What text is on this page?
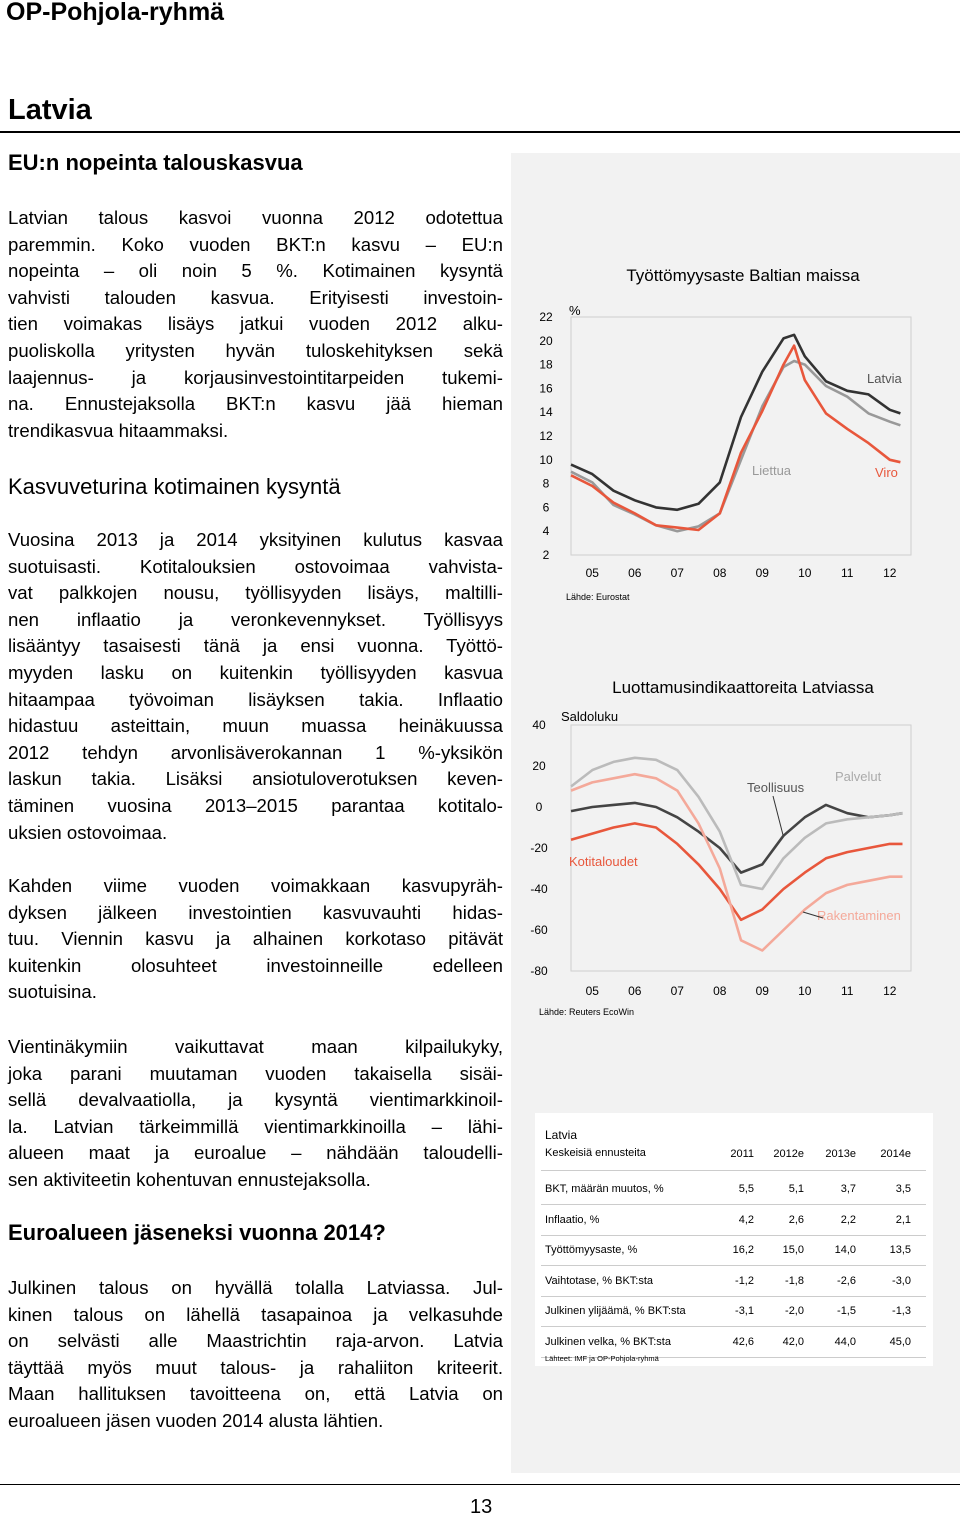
OP-Pohjola-ryhmä
Latvia
EU:n nopeinta talouskasvua
Latvian talous kasvoi vuonna 2012 odotettua
paremmin. Koko vuoden BKT:n kasvu – EU:n
nopeinta – oli noin 5 %. Kotimainen kysyntä
vahvisti talouden kasvua. Erityisesti investoin-
tien voimakas lisäys jatkui vuoden 2012 alku-
puoliskolla yritysten hyvän tuloskehityksen sekä
laajennus- ja korjausinvestointitarpeiden tukemi-
na. Ennustejaksolla BKT:n kasvu jää hieman
trendikasvua hitaammaksi.
Kasvuveturina kotimainen kysyntä
Vuosina 2013 ja 2014 yksityinen kulutus kasvaa
suotuisasti. Kotitalouksien ostovoimaa vahvista-
vat palkkojen nousu, työllisyyden lisäys, maltilli-
nen inflaatio ja veronkevennykset. Työllisyys
lisääntyy tasaisesti tänä ja ensi vuonna. Työttö-
myyden lasku on kuitenkin työllisyyden kasvua
hitaampaa työvoiman lisäyksen takia. Inflaatio
hidastuu asteittain, muun muassa heinäkuussa
2012 tehdyn arvonlisäverokannan 1 %-yksikön
laskun takia. Lisäksi ansiotuloverotuksen keven-
täminen vuosina 2013‒2015 parantaa kotitalo-
uksien ostovoimaa.
Kahden viime vuoden voimakkaan kasvupyräh-
dyksen jälkeen investointien kasvuvauhti hidas-
tuu. Viennin kasvu ja alhainen korkotaso pitävät
kuitenkin olosuhteet investoinneille edelleen
suotuisina.
Vientinäkymiin vaikuttavat maan kilpailukyky,
joka parani muutaman vuoden takaisella sisäi-
sellä devalvaatiolla, ja kysyntä vientimarkkinoil-
la. Latvian tärkeimmillä vientimarkkinoilla – lähi-
alueen maat ja euroalue – nähdään taloudelli-
sen aktiviteetin kohentuvan ennustejaksolla.
Euroalueen jäseneksi vuonna 2014?
Julkinen talous on hyvällä tolalla Latviassa. Jul-
kinen talous on lähellä tasapainoa ja velkasuhde
on selvästi alle Maastrichtin raja-arvon. Latvia
täyttää myös muut talous- ja rahaliiton kriteerit.
Maan hallituksen tavoitteena on, että Latvia on
euroalueen jäsen vuoden 2014 alusta lähtien.
Työttömyysaste Baltian maissa
%
22
20
18
16
14
12
10
8
6
4
2
05 06 07 08 09 10 11 12
Latvia
Liettua	Viro
Lähde: Eurostat
Luottamusindikaattoreita Latviassa
Saldoluku
40
20
0
-20
-40
-60
-80
05 06 07 08 09 10 11 12
Teollisuus
Palvelut
Kotitaloudet
Rakentaminen
Lähde: Reuters EcoWin
Latvia
Keskeisiä ennusteita	2011	2012e	2013e	2014e
BKT, määrän muutos, %	5,5	5,1	3,7	3,5
Inflaatio, %	4,2	2,6	2,2	2,1
Työttömyysaste, %	16,2	15,0	14,0	13,5
Vaihtotase, % BKT:sta	-1,2	-1,8	-2,6	-3,0
Julkinen ylijäämä, % BKT:sta	-3,1	-2,0	-1,5	-1,3
Julkinen velka, % BKT:sta	42,6	42,0	44,0	45,0
Lähteet: IMF ja OP-Pohjola-ryhmä
13
